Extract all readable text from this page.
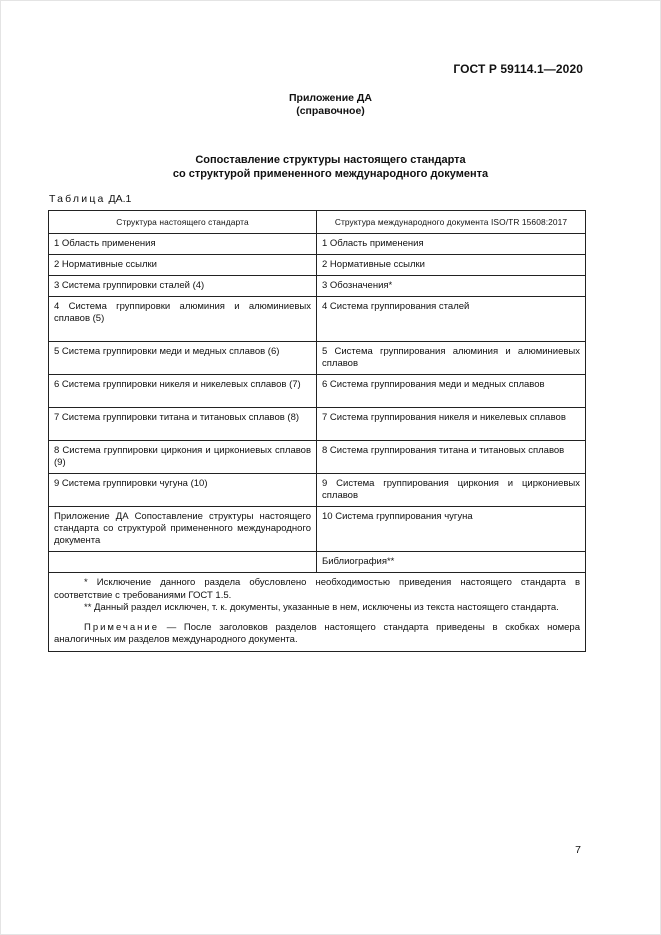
ГОСТ Р 59114.1—2020
Приложение ДА
(справочное)
Сопоставление структуры настоящего стандарта
со структурой примененного международного документа
Таблица ДА.1
Структура настоящего стандарта	Структура международного документа ISO/TR 15608:2017
1 Область применения	1 Область применения
2 Нормативные ссылки	2 Нормативные ссылки
3 Система группировки сталей (4)	3 Обозначения*
4 Система группировки алюминия и алюминиевых сплавов (5)	4 Система группирования сталей
5 Система группировки меди и медных сплавов (6)	5 Система группирования алюминия и алюминиевых сплавов
6 Система группировки никеля и никелевых сплавов (7)	6 Система группирования меди и медных сплавов
7 Система группировки титана и титановых сплавов (8)	7 Система группирования никеля и никелевых сплавов
8 Система группировки циркония и циркониевых сплавов (9)	8 Система группирования титана и титановых сплавов
9 Система группировки чугуна (10)	9 Система группирования циркония и циркониевых сплавов
Приложение ДА Сопоставление структуры настоящего стандарта со структурой примененного международного документа	10 Система группирования чугуна
	Библиография**

* Исключение данного раздела обусловлено необходимостью приведения настоящего стандарта в соответствие с требованиями ГОСТ 1.5.

** Данный раздел исключен, т. к. документы, указанные в нем, исключены из текста настоящего стандарта.

Примечание — После заголовков разделов настоящего стандарта приведены в скобках номера аналогичных им разделов международного документа.	

7
